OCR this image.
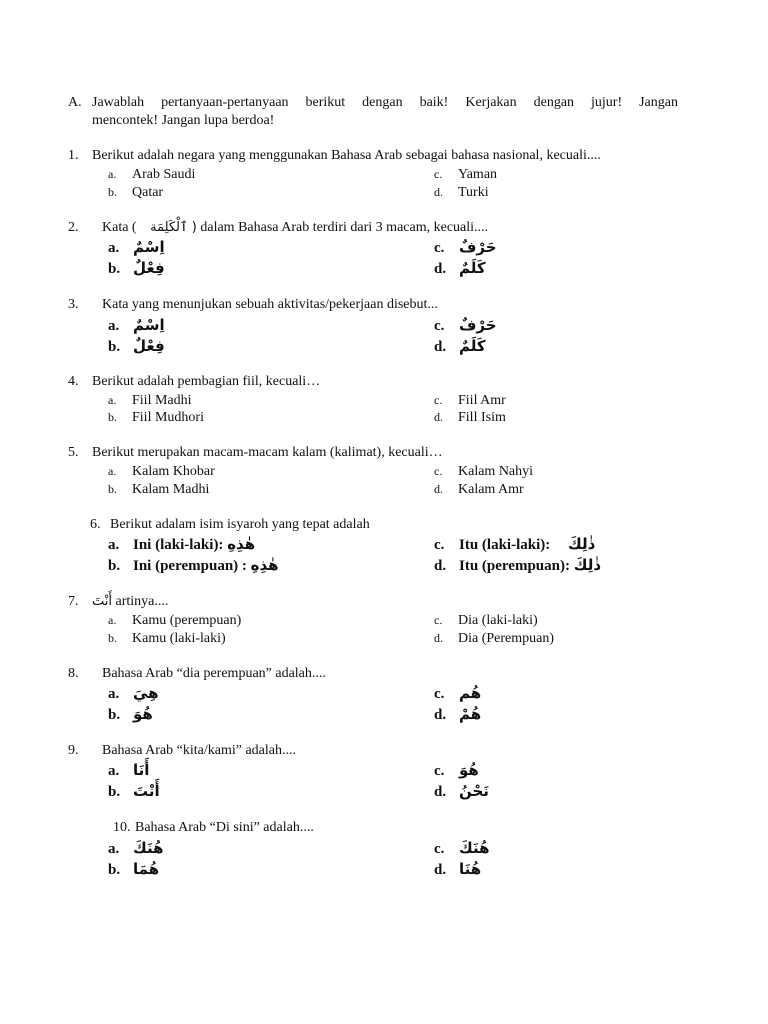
A. Jawablah pertanyaan-pertanyaan berikut dengan baik! Kerjakan dengan jujur! Jangan
mencontek! Jangan lupa berdoa!
1. Berikut adalah negara yang menggunakan Bahasa Arab sebagai bahasa nasional, kecuali....
a. Arab Saudi
b. Qatar
c. Yaman
d. Turki
2. Kata ( ( ٱلْكَلِمَة dalam Bahasa Arab terdiri dari 3 macam, kecuali....
a. اِسْمٌ
b. فِعْلٌ
c. حَرْفٌ
d. كَلَمٌ
3. Kata yang menunjukan sebuah aktivitas/pekerjaan disebut...
a. اِسْمٌ
b. فِعْلٌ
c. حَرْفٌ
d. كَلَمٌ
4. Berikut adalah pembagian fiil, kecuali…
a. Fiil Madhi
b. Fiil Mudhori
c. Fiil Amr
d. Fill Isim
5. Berikut merupakan macam-macam kalam (kalimat), kecuali…
a. Kalam Khobar
b. Kalam Madhi
c. Kalam Nahyi
d. Kalam Amr
6. Berikut adalam isim isyaroh yang tepat adalah
a. Ini (laki-laki): هٰذِهِ
b. Ini (perempuan) : هٰذِهِ
c. Itu (laki-laki): ذٰلِكَ
d. Itu (perempuan): ذٰلِكَ
7. أَنْتَ artinya....
a. Kamu (perempuan)
b. Kamu (laki-laki)
c. Dia (laki-laki)
d. Dia (Perempuan)
8. Bahasa Arab “dia perempuan” adalah....
a. هِيَ
b. هُوَ
c. هُم
d. هُمْ
9. Bahasa Arab “kita/kami” adalah....
a. أَنَا
b. أَنْتَ
c. هُوَ
d. نَحْنُ
10. Bahasa Arab “Di sini” adalah....
a. هُنَكَ
b. هُمَا
c. هُنَكَ
d. هُنَا
